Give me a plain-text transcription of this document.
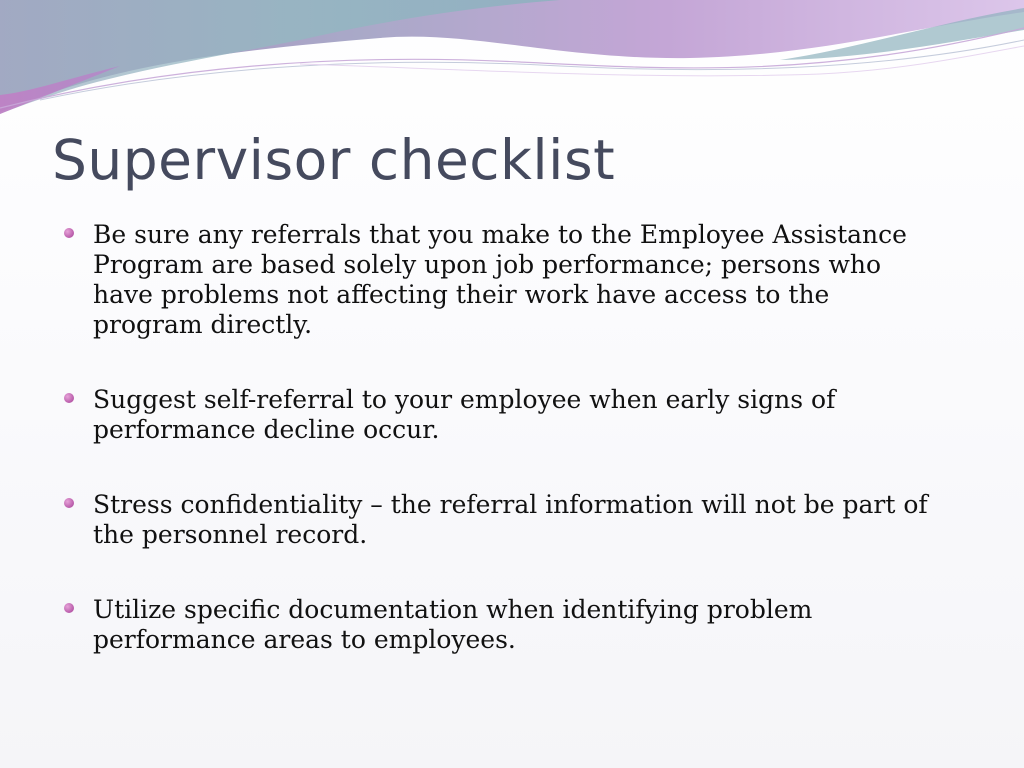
Supervisor checklist
Be sure any referrals that you make to the Employee Assistance Program are based solely upon job performance; persons who have problems not affecting their work have access to the program directly.
Suggest self-referral to your employee when early signs of performance decline occur.
Stress confidentiality – the referral information will not be part of the personnel record.
Utilize specific documentation when identifying problem performance areas to employees.
